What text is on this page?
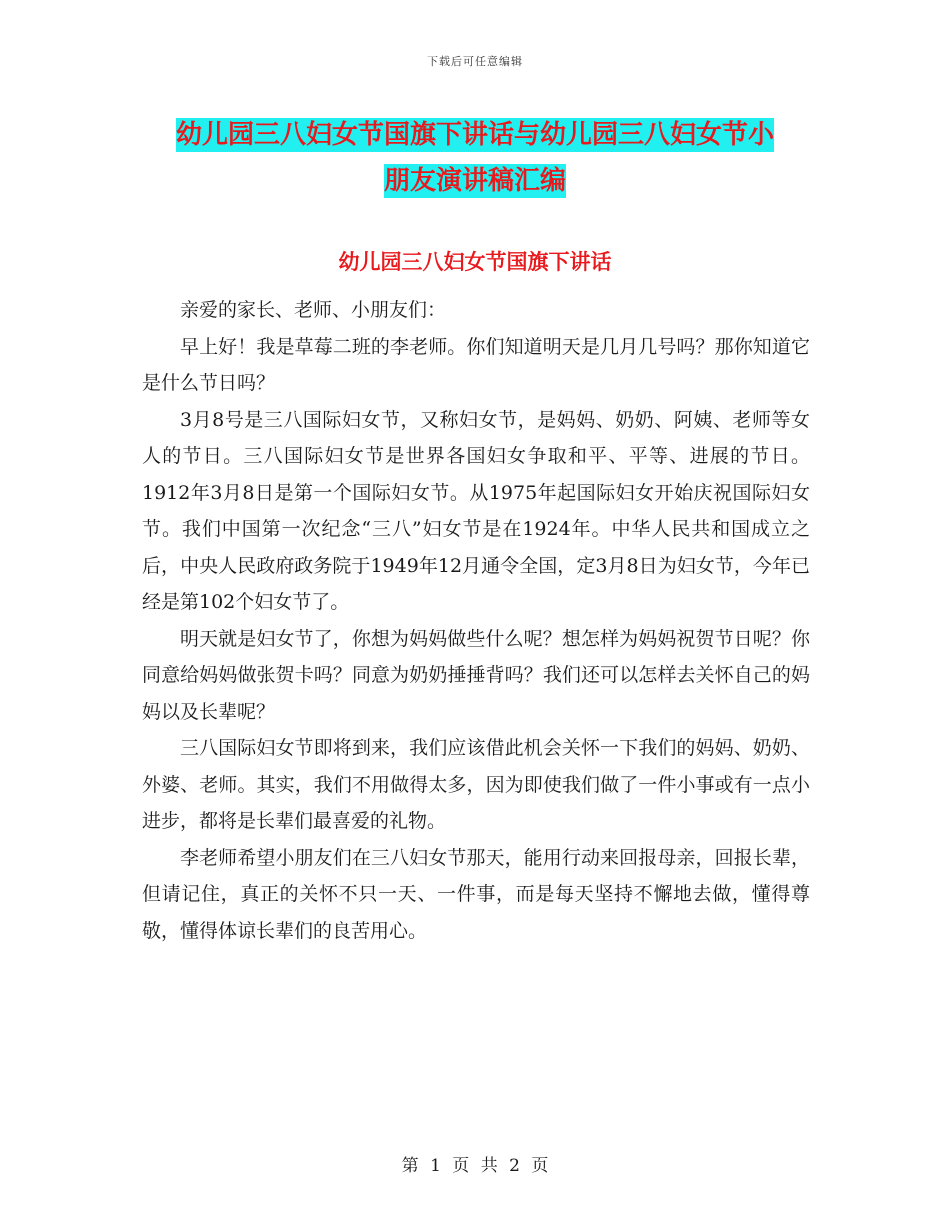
下载后可任意编辑
幼儿园三八妇女节国旗下讲话与幼儿园三八妇女节小
朋友演讲稿汇编
幼儿园三八妇女节国旗下讲话

亲爱的家长、老师、小朋友们：

早上好！我是草莓二班的李老师。你们知道明天是几月几号吗？那你知道它是什么节日吗？

3月8号是三八国际妇女节，又称妇女节，是妈妈、奶奶、阿姨、老师等女人的节日。三八国际妇女节是世界各国妇女争取和平、平等、进展的节日。 1912年3月8日是第一个国际妇女节。从1975年起国际妇女开始庆祝国际妇女节。我们中国第一次纪念“三八”妇女节是在1924年。中华人民共和国成立之后，中央人民政府政务院于1949年12月通令全国，定3月8日为妇女节，今年已经是第102个妇女节了。

明天就是妇女节了，你想为妈妈做些什么呢？想怎样为妈妈祝贺节日呢？你同意给妈妈做张贺卡吗？同意为奶奶捶捶背吗？我们还可以怎样去关怀自己的妈妈以及长辈呢？

三八国际妇女节即将到来，我们应该借此机会关怀一下我们的妈妈、奶奶、外婆、老师。其实，我们不用做得太多，因为即使我们做了一件小事或有一点小进步，都将是长辈们最喜爱的礼物。

李老师希望小朋友们在三八妇女节那天，能用行动来回报母亲，回报长辈，但请记住，真正的关怀不只一天、一件事，而是每天坚持不懈地去做，懂得尊敬，懂得体谅长辈们的良苦用心。

第 1 页 共 2 页
